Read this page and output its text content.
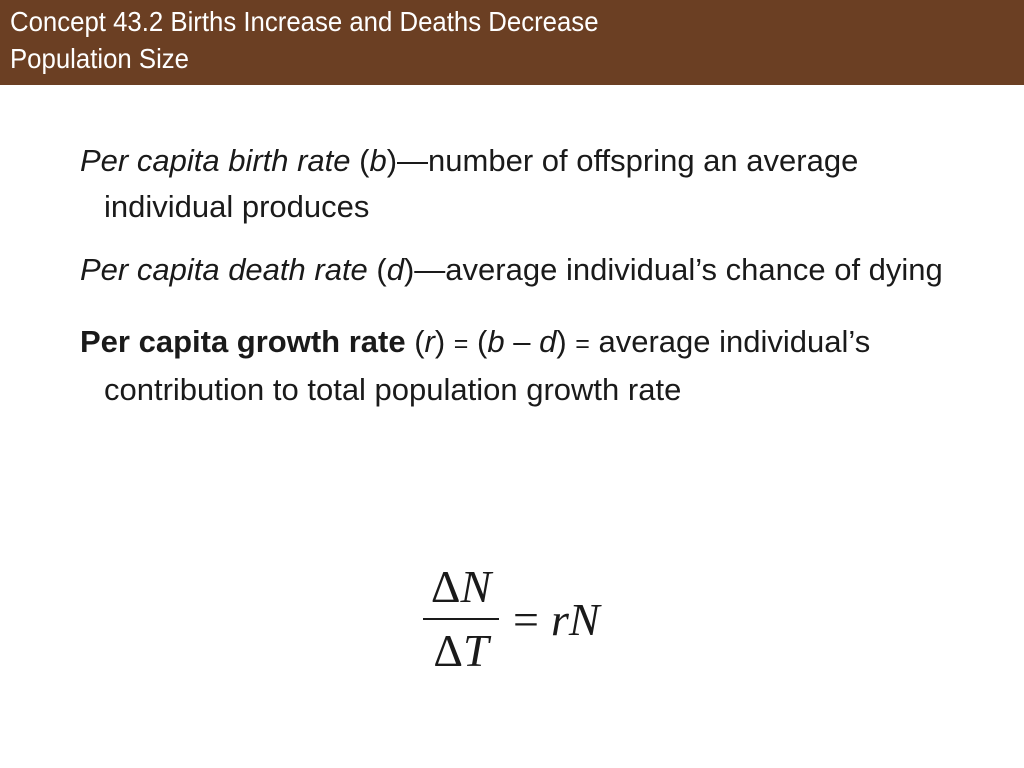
Concept 43.2 Births Increase and Deaths Decrease
Population Size

Per capita birth rate (b)—number of offspring an average individual produces

Per capita death rate (d)—average individual’s chance of dying

Per capita growth rate (r) = (b – d) = average individual’s contribution to total population growth rate

$\frac{\Delta N}{\Delta T}$ = rN
